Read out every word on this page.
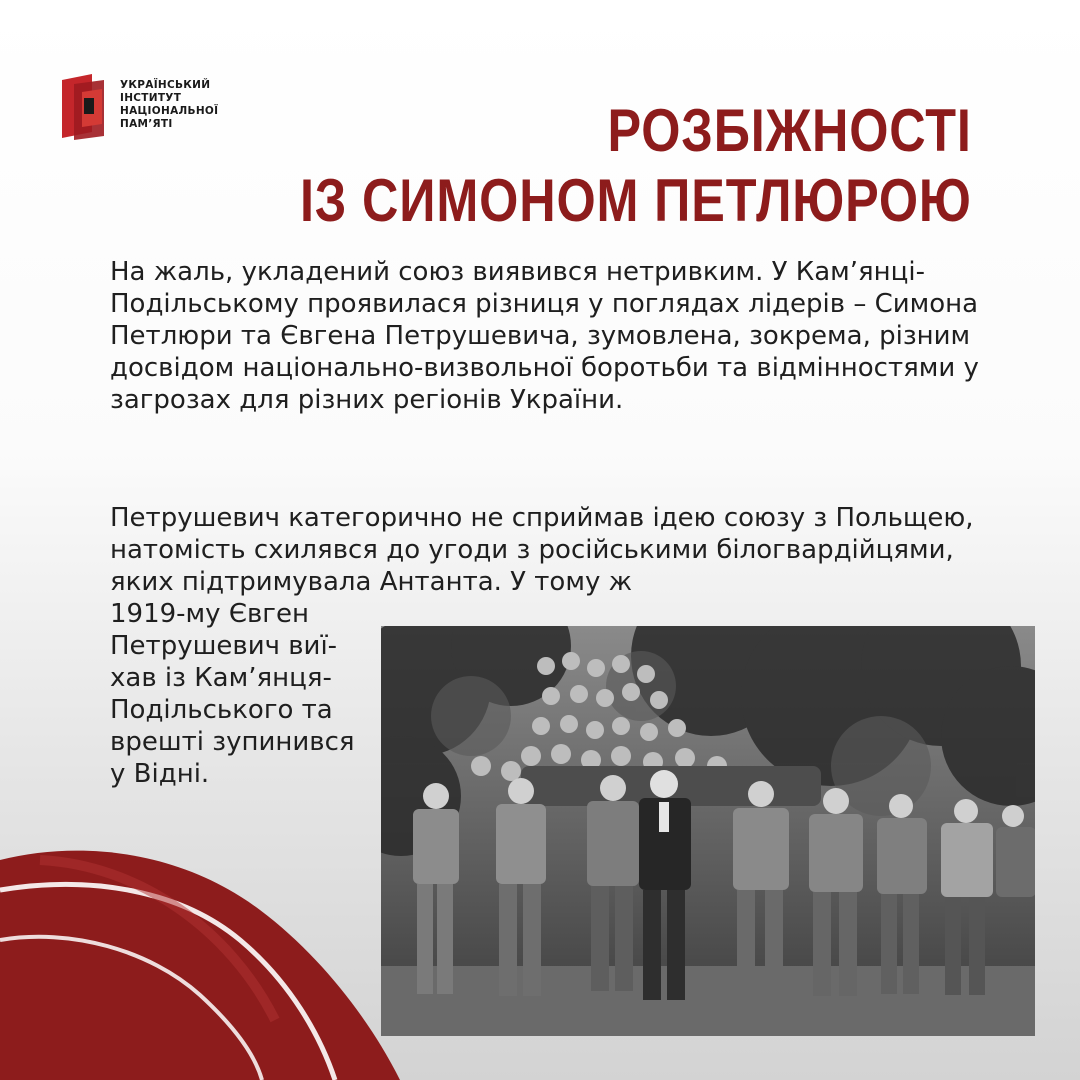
УКРАЇНСЬКИЙ
ІНСТИТУТ
НАЦІОНАЛЬНОЇ
ПАМ’ЯТІ	РОЗБІЖНОСТІ
ІЗ СИМОНОМ ПЕТЛЮРОЮ

На жаль, укладений союз виявився нетривким. У Кам’янці-Подільському проявилася різниця у поглядах лідерів – Симона Петлюри та Євгена Петрушевича, зумовлена, зокрема, різним досвідом національно-визвольної боротьби та відмінностями у загрозах для різних регіонів України.

Петрушевич категорично не сприймав ідею союзу з Польщею, натомість схилявся до угоди з російськими білогвардійцями, яких підтримувала Антанта. У тому ж

1919-му Євген
Петрушевич виї-
хав із Кам’янця-
Подільського та
врешті зупинився
у Відні.
